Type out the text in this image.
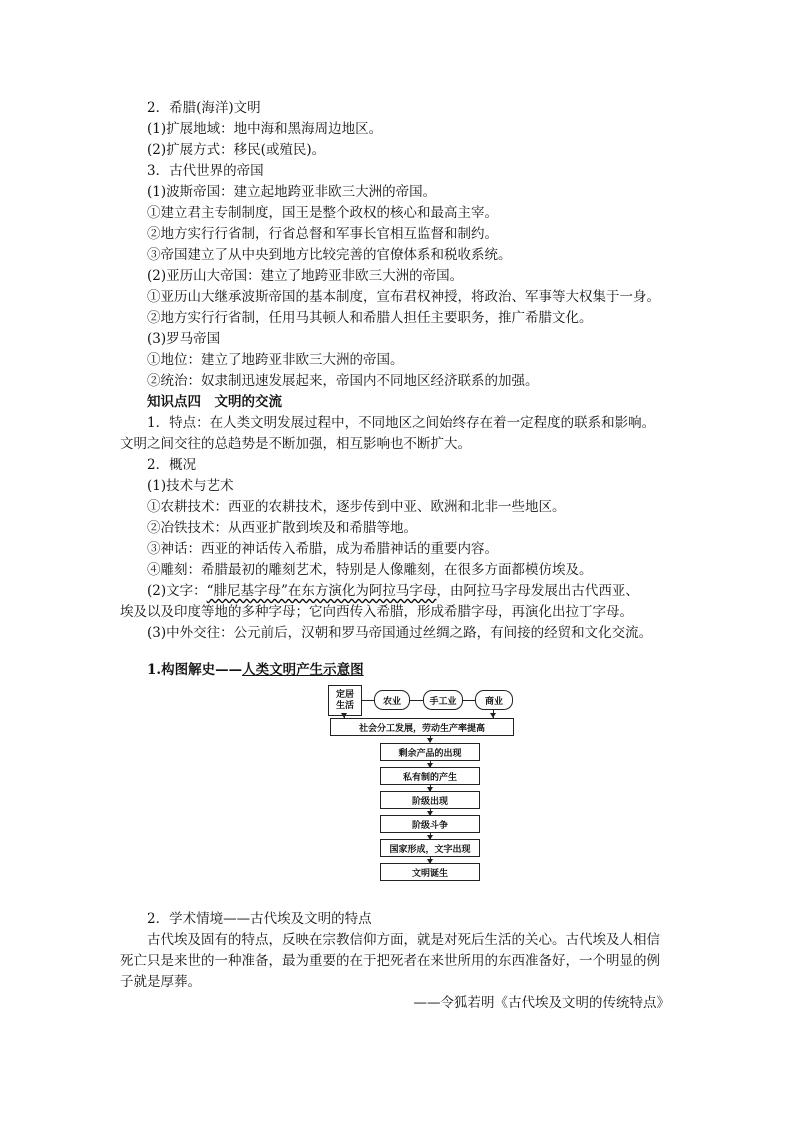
2．希腊(海洋)文明
(1)扩展地域：地中海和黑海周边地区。
(2)扩展方式：移民(或殖民)。
3．古代世界的帝国
(1)波斯帝国：建立起地跨亚非欧三大洲的帝国。
①建立君主专制制度，国王是整个政权的核心和最高主宰。
②地方实行行省制，行省总督和军事长官相互监督和制约。
③帝国建立了从中央到地方比较完善的官僚体系和税收系统。
(2)亚历山大帝国：建立了地跨亚非欧三大洲的帝国。
①亚历山大继承波斯帝国的基本制度，宣布君权神授，将政治、军事等大权集于一身。
②地方实行行省制，任用马其顿人和希腊人担任主要职务，推广希腊文化。
(3)罗马帝国
①地位：建立了地跨亚非欧三大洲的帝国。
②统治：奴隶制迅速发展起来，帝国内不同地区经济联系的加强。
知识点四　文明的交流
1．特点：在人类文明发展过程中，不同地区之间始终存在着一定程度的联系和影响。
文明之间交往的总趋势是不断加强，相互影响也不断扩大。
2．概况
(1)技术与艺术
①农耕技术：西亚的农耕技术，逐步传到中亚、欧洲和北非一些地区。
②冶铁技术：从西亚扩散到埃及和希腊等地。
③神话：西亚的神话传入希腊，成为希腊神话的重要内容。
④雕刻：希腊最初的雕刻艺术，特别是人像雕刻，在很多方面都模仿埃及。
(2)文字：“腓尼基字母”在东方演化为阿拉马字母，由阿拉马字母发展出古代西亚、
埃及以及印度等地的多种字母；它向西传入希腊，形成希腊字母，再演化出拉丁字母。
(3)中外交往：公元前后，汉朝和罗马帝国通过丝绸之路，有间接的经贸和文化交流。
1.构图解史——人类文明产生示意图
定居
生活	农业	手工业	商业
社会分工发展，劳动生产率提高
剩余产品的出现
私有制的产生
阶级出现
阶级斗争
国家形成，文字出现
文明诞生
2．学术情境——古代埃及文明的特点
古代埃及固有的特点，反映在宗教信仰方面，就是对死后生活的关心。古代埃及人相信
死亡只是来世的一种准备，最为重要的在于把死者在来世所用的东西准备好，一个明显的例
子就是厚葬。
——令狐若明《古代埃及文明的传统特点》
